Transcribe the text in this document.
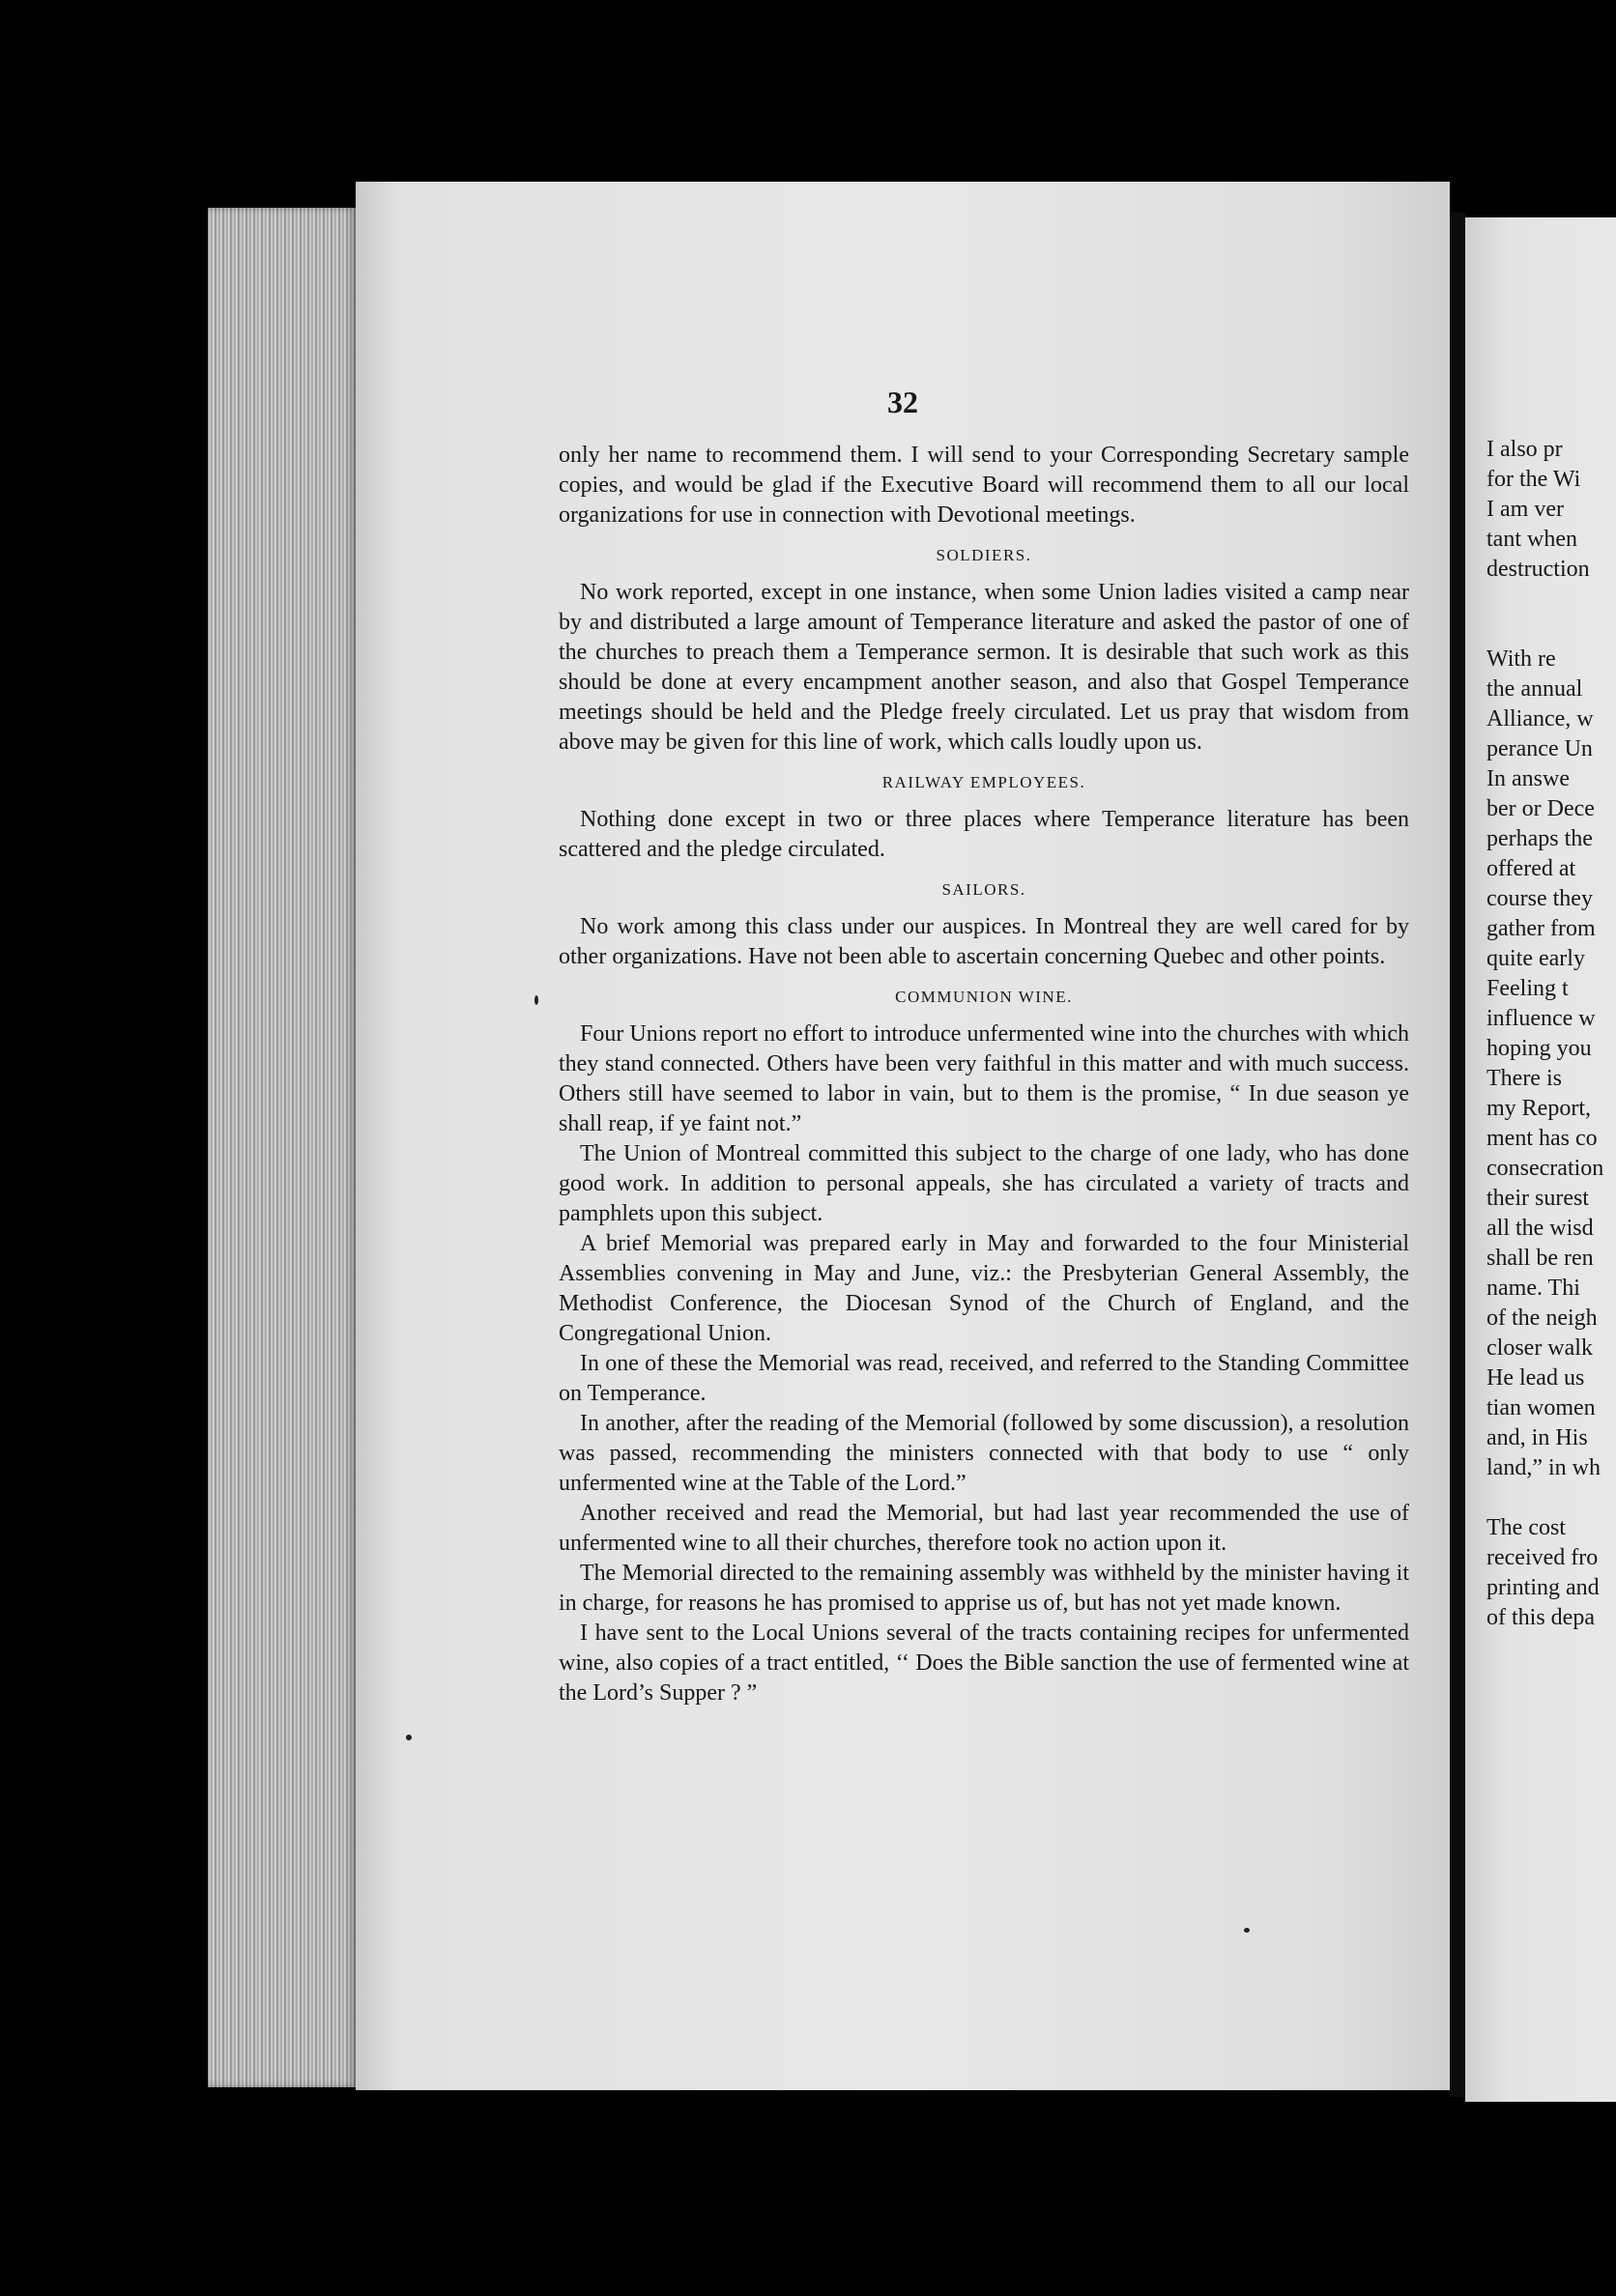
32

only her name to recommend them. I will send to your Corresponding Secretary sample copies, and would be glad if the Executive Board will recommend them to all our local organizations for use in connection with Devotional meetings.

SOLDIERS.

No work reported, except in one instance, when some Union ladies visited a camp near by and distributed a large amount of Temperance literature and asked the pastor of one of the churches to preach them a Temperance sermon. It is desirable that such work as this should be done at every encampment another season, and also that Gospel Temperance meetings should be held and the Pledge freely circulated. Let us pray that wisdom from above may be given for this line of work, which calls loudly upon us.

RAILWAY EMPLOYEES.

Nothing done except in two or three places where Temperance literature has been scattered and the pledge circulated.

SAILORS.

No work among this class under our auspices. In Montreal they are well cared for by other organizations. Have not been able to ascertain concerning Quebec and other points.

COMMUNION WINE.

Four Unions report no effort to introduce unfermented wine into the churches with which they stand connected. Others have been very faithful in this matter and with much success. Others still have seemed to labor in vain, but to them is the promise, “ In due season ye shall reap, if ye faint not.”

The Union of Montreal committed this subject to the charge of one lady, who has done good work. In addition to personal appeals, she has circulated a variety of tracts and pamphlets upon this subject.

A brief Memorial was prepared early in May and forwarded to the four Ministerial Assemblies convening in May and June, viz.: the Presbyterian General Assembly, the Methodist Conference, the Diocesan Synod of the Church of England, and the Congregational Union.

In one of these the Memorial was read, received, and referred to the Standing Committee on Temperance.

In another, after the reading of the Memorial (followed by some discussion), a resolution was passed, recommending the ministers connected with that body to use “ only unfermented wine at the Table of the Lord.”

Another received and read the Memorial, but had last year recommended the use of unfermented wine to all their churches, therefore took no action upon it.

The Memorial directed to the remaining assembly was withheld by the minister having it in charge, for reasons he has promised to apprise us of, but has not yet made known.

I have sent to the Local Unions several of the tracts containing recipes for unfermented wine, also copies of a tract entitled, ‘‘ Does the Bible sanction the use of fermented wine at the Lord’s Supper ? ”

I also pr
for the Wi
I am ver
tant when
destruction
With re
the annual
Alliance, w
perance Un
In answe
ber or Dece
perhaps the
offered at
course they
gather from
quite early
Feeling t
influence w
hoping you
There is
my Report,
ment has co
consecration
their surest
all the wisd
shall be ren
name. Thi
of the neigh
closer walk
He lead us
tian women
and, in His
land,” in wh
The cost
received fro
printing and
of this depa
